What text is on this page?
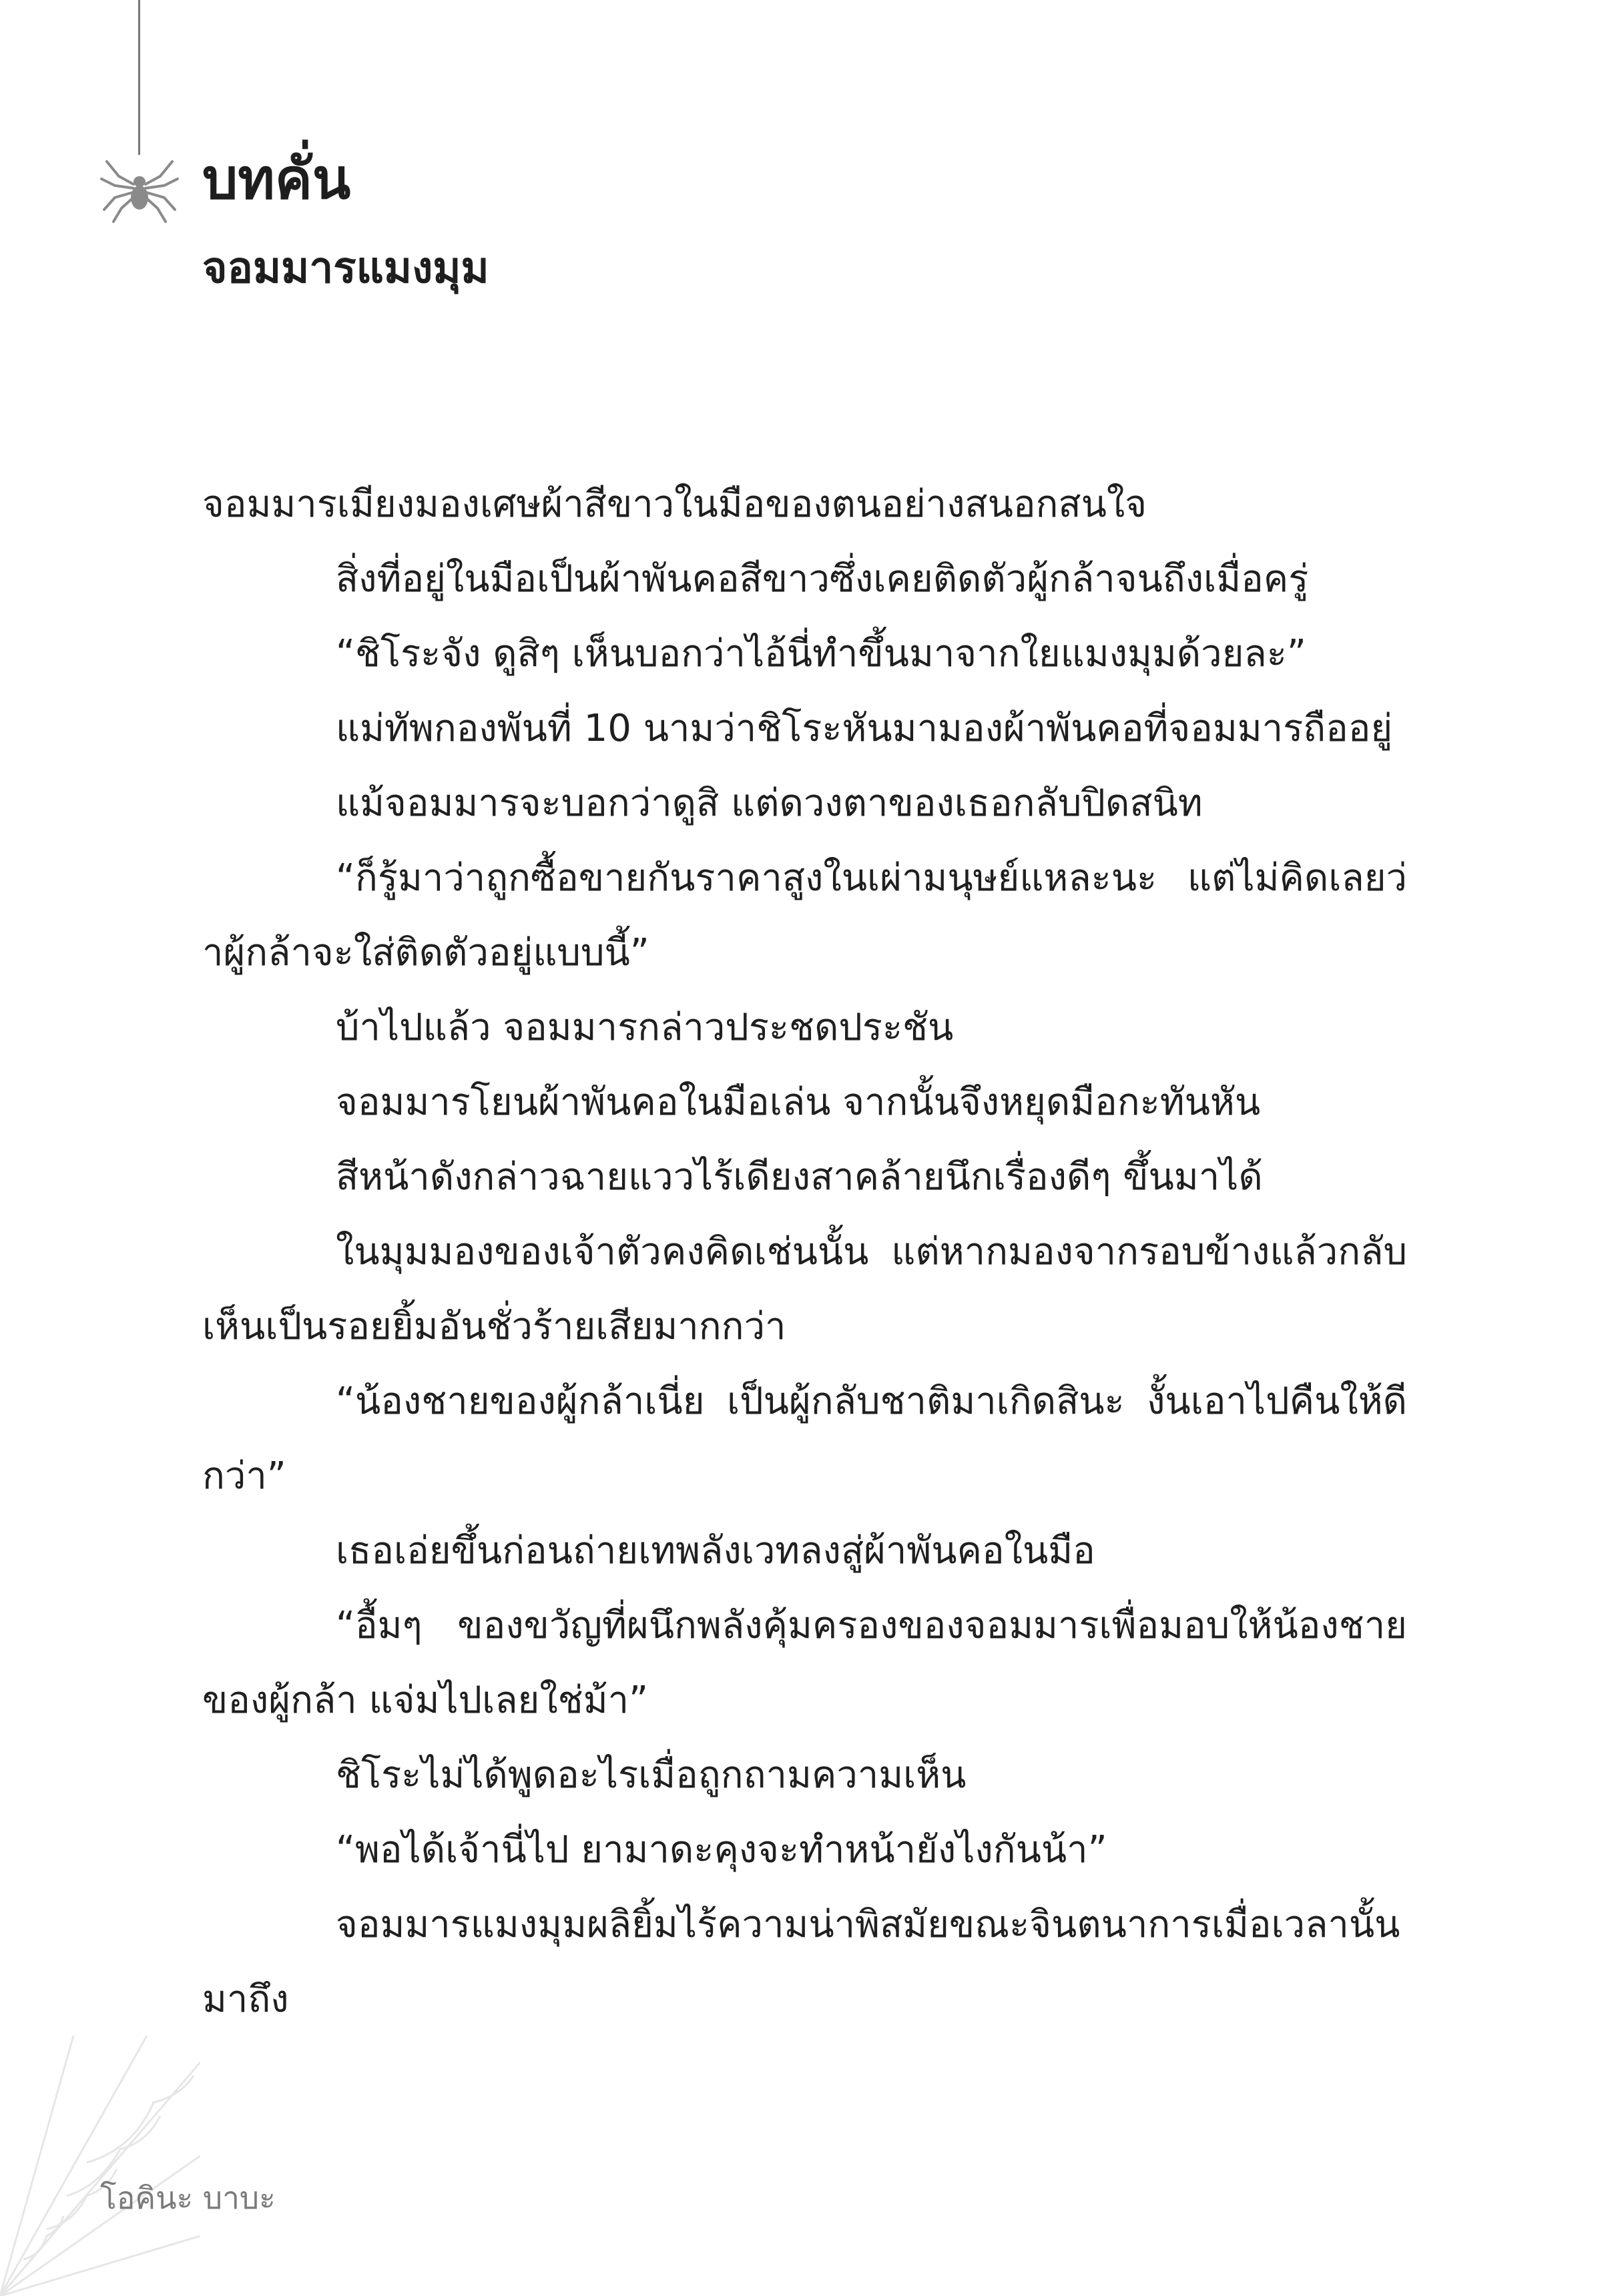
บทคั่น
จอมมารแมงมุม

จอมมารเมียงมองเศษผ้าสีขาวในมือของตนอย่างสนอกสนใจ

สิ่งที่อยู่ในมือเป็นผ้าพันคอสีขาวซึ่งเคยติดตัวผู้กล้าจนถึงเมื่อครู่

“ชิโระจัง ดูสิๆ เห็นบอกว่าไอ้นี่ทำขึ้นมาจากใยแมงมุมด้วยละ”

แม่ทัพกองพันที่ 10 นามว่าชิโระหันมามองผ้าพันคอที่จอมมารถืออยู่

แม้จอมมารจะบอกว่าดูสิ แต่ดวงตาของเธอกลับปิดสนิท

“ก็รู้มาว่าถูกซื้อขายกันราคาสูงในเผ่ามนุษย์แหละนะ แต่ไม่คิดเลยว่าผู้กล้าจะใส่ติดตัวอยู่แบบนี้”

บ้าไปแล้ว จอมมารกล่าวประชดประชัน

จอมมารโยนผ้าพันคอในมือเล่น จากนั้นจึงหยุดมือกะทันหัน

สีหน้าดังกล่าวฉายแววไร้เดียงสาคล้ายนึกเรื่องดีๆ ขึ้นมาได้

ในมุมมองของเจ้าตัวคงคิดเช่นนั้น แต่หากมองจากรอบข้างแล้วกลับเห็นเป็นรอยยิ้มอันชั่วร้ายเสียมากกว่า

“น้องชายของผู้กล้าเนี่ย เป็นผู้กลับชาติมาเกิดสินะ งั้นเอาไปคืนให้ดีกว่า”

เธอเอ่ยขึ้นก่อนถ่ายเทพลังเวทลงสู่ผ้าพันคอในมือ

“อื้มๆ ของขวัญที่ผนึกพลังคุ้มครองของจอมมารเพื่อมอบให้น้องชายของผู้กล้า แจ่มไปเลยใช่ม้า”

ชิโระไม่ได้พูดอะไรเมื่อถูกถามความเห็น

“พอได้เจ้านี่ไป ยามาดะคุงจะทำหน้ายังไงกันน้า”

จอมมารแมงมุมผลิยิ้มไร้ความน่าพิสมัยขณะจินตนาการเมื่อเวลานั้นมาถึง

โอคินะ บาบะ
